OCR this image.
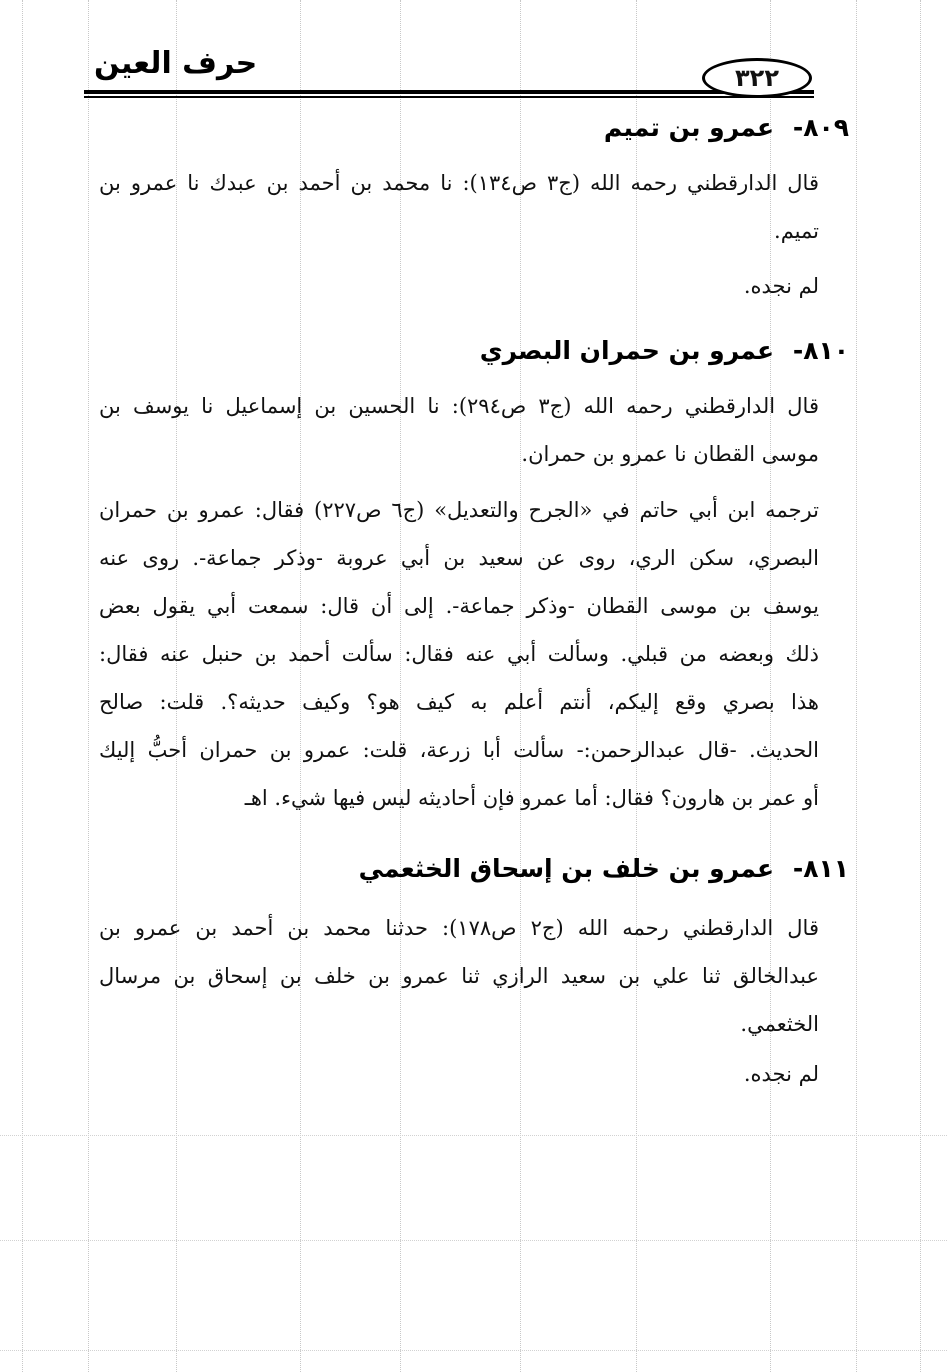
حرف العين	٣٢٢
٨٠٩- عمرو بن تميم
قال الدارقطني رحمه الله (ج٣ ص١٣٤): نا محمد بن أحمد بن عبدك نا عمرو بن
تميم.
لم نجده.
٨١٠- عمرو بن حمران البصري
قال الدارقطني رحمه الله (ج٣ ص٢٩٤): نا الحسين بن إسماعيل نا يوسف بن
موسى القطان نا عمرو بن حمران.
ترجمه ابن أبي حاتم في «الجرح والتعديل» (ج٦ ص٢٢٧) فقال: عمرو بن حمران
البصري، سكن الري، روى عن سعيد بن أبي عروبة -وذكر جماعة-. روى عنه
يوسف بن موسى القطان -وذكر جماعة-. إلى أن قال: سمعت أبي يقول بعض
ذلك وبعضه من قبلي. وسألت أبي عنه فقال: سألت أحمد بن حنبل عنه فقال:
هذا بصري وقع إليكم، أنتم أعلم به كيف هو؟ وكيف حديثه؟. قلت: صالح
الحديث. -قال عبدالرحمن:- سألت أبا زرعة، قلت: عمرو بن حمران أحبُّ إليك
أو عمر بن هارون؟ فقال: أما عمرو فإن أحاديثه ليس فيها شيء. اهـ
٨١١- عمرو بن خلف بن إسحاق الخثعمي
قال الدارقطني رحمه الله (ج٢ ص١٧٨): حدثنا محمد بن أحمد بن عمرو بن
عبدالخالق ثنا علي بن سعيد الرازي ثنا عمرو بن خلف بن إسحاق بن مرسال
الخثعمي.
لم نجده.
